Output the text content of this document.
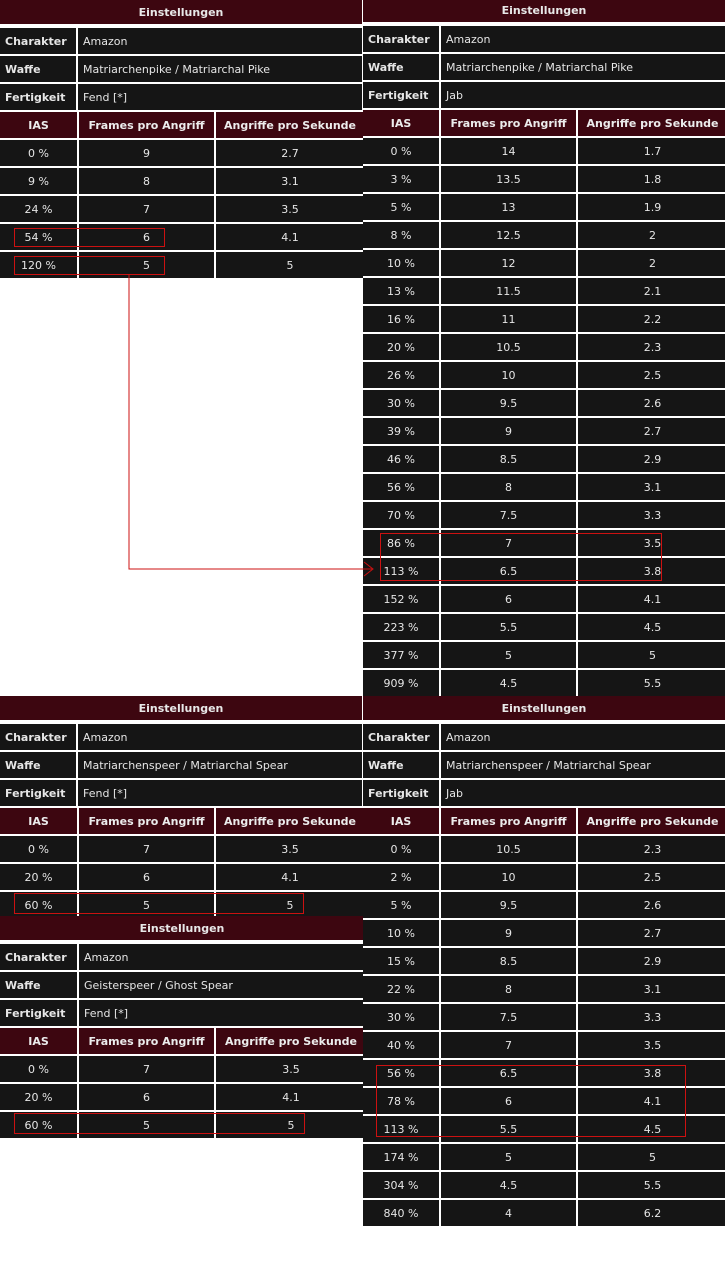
Einstellungen
Charakter	Amazon
Waffe	Matriarchenpike / Matriarchal Pike
Fertigkeit	Fend [*]
IAS	Frames pro Angriff	Angriffe pro Sekunde
0 %	9	2.7
9 %	8	3.1
24 %	7	3.5
54 %	6	4.1
120 %	5	5
Einstellungen
Charakter	Amazon
Waffe	Matriarchenpike / Matriarchal Pike
Fertigkeit	Jab
IAS	Frames pro Angriff	Angriffe pro Sekunde
0 %	14	1.7
3 %	13.5	1.8
5 %	13	1.9
8 %	12.5	2
10 %	12	2
13 %	11.5	2.1
16 %	11	2.2
20 %	10.5	2.3
26 %	10	2.5
30 %	9.5	2.6
39 %	9	2.7
46 %	8.5	2.9
56 %	8	3.1
70 %	7.5	3.3
86 %	7	3.5
113 %	6.5	3.8
152 %	6	4.1
223 %	5.5	4.5
377 %	5	5
909 %	4.5	5.5
Einstellungen
Charakter	Amazon
Waffe	Matriarchenspeer / Matriarchal Spear
Fertigkeit	Fend [*]
IAS	Frames pro Angriff	Angriffe pro Sekunde
0 %	7	3.5
20 %	6	4.1
60 %	5	5
Einstellungen
Charakter	Amazon
Waffe	Geisterspeer / Ghost Spear
Fertigkeit	Fend [*]
IAS	Frames pro Angriff	Angriffe pro Sekunde
0 %	7	3.5
20 %	6	4.1
60 %	5	5
Einstellungen
Charakter	Amazon
Waffe	Matriarchenspeer / Matriarchal Spear
Fertigkeit	Jab
IAS	Frames pro Angriff	Angriffe pro Sekunde
0 %	10.5	2.3
2 %	10	2.5
5 %	9.5	2.6
10 %	9	2.7
15 %	8.5	2.9
22 %	8	3.1
30 %	7.5	3.3
40 %	7	3.5
56 %	6.5	3.8
78 %	6	4.1
113 %	5.5	4.5
174 %	5	5
304 %	4.5	5.5
840 %	4	6.2
